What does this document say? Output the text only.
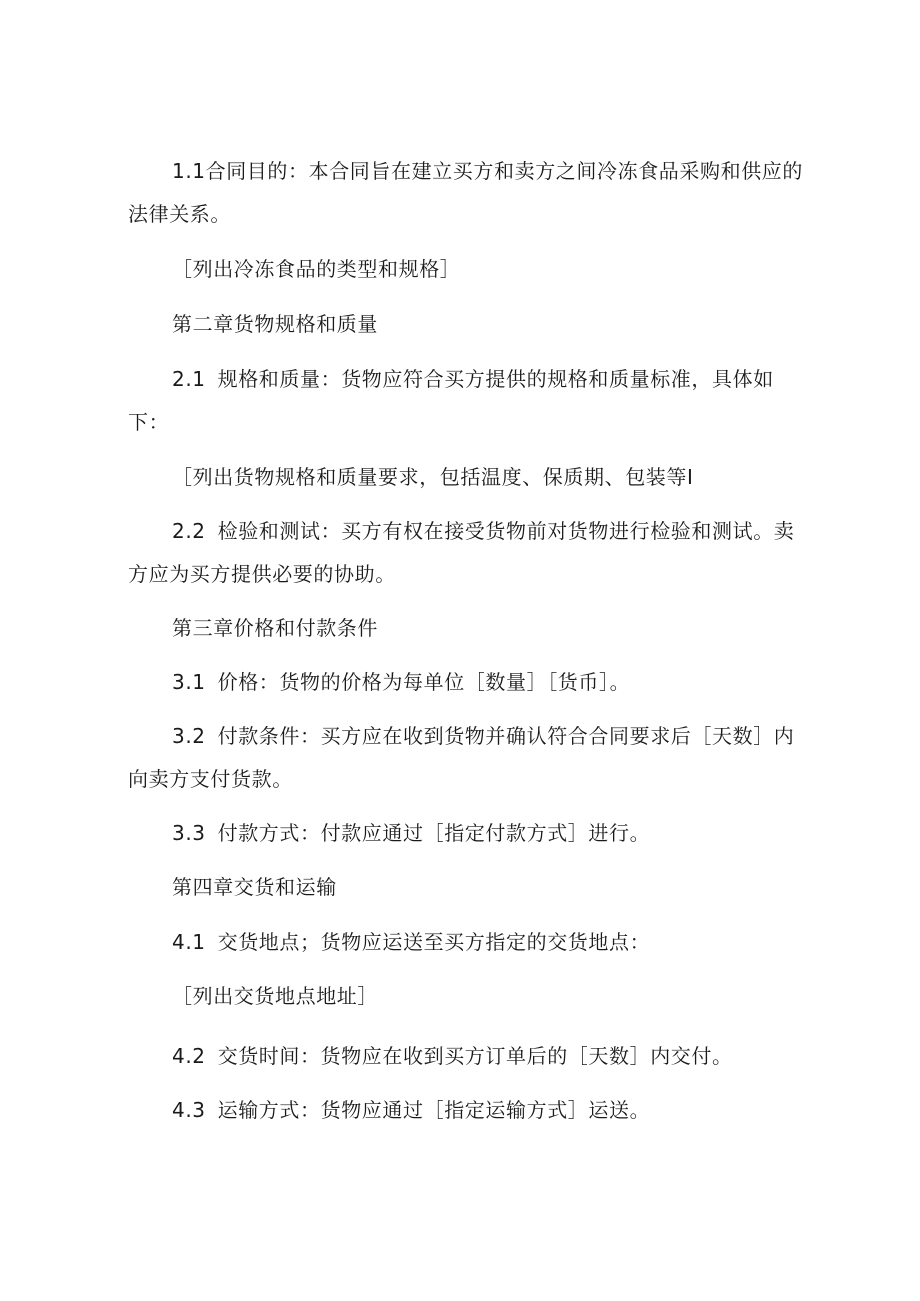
1.1合同目的：本合同旨在建立买方和卖方之间冷冻食品采购和供应的
法律关系。
［列出冷冻食品的类型和规格］
第二章货物规格和质量
2.1 规格和质量：货物应符合买方提供的规格和质量标准，具体如
下：
［列出货物规格和质量要求，包括温度、保质期、包装等I
2.2 检验和测试：买方有权在接受货物前对货物进行检验和测试。卖
方应为买方提供必要的协助。
第三章价格和付款条件
3.1 价格：货物的价格为每单位［数量］［货币］。
3.2 付款条件：买方应在收到货物并确认符合合同要求后［天数］内
向卖方支付货款。
3.3 付款方式：付款应通过［指定付款方式］进行。
第四章交货和运输
4.1 交货地点；货物应运送至买方指定的交货地点：
［列出交货地点地址］
4.2 交货时间：货物应在收到买方订单后的［天数］内交付。
4.3 运输方式：货物应通过［指定运输方式］运送。
